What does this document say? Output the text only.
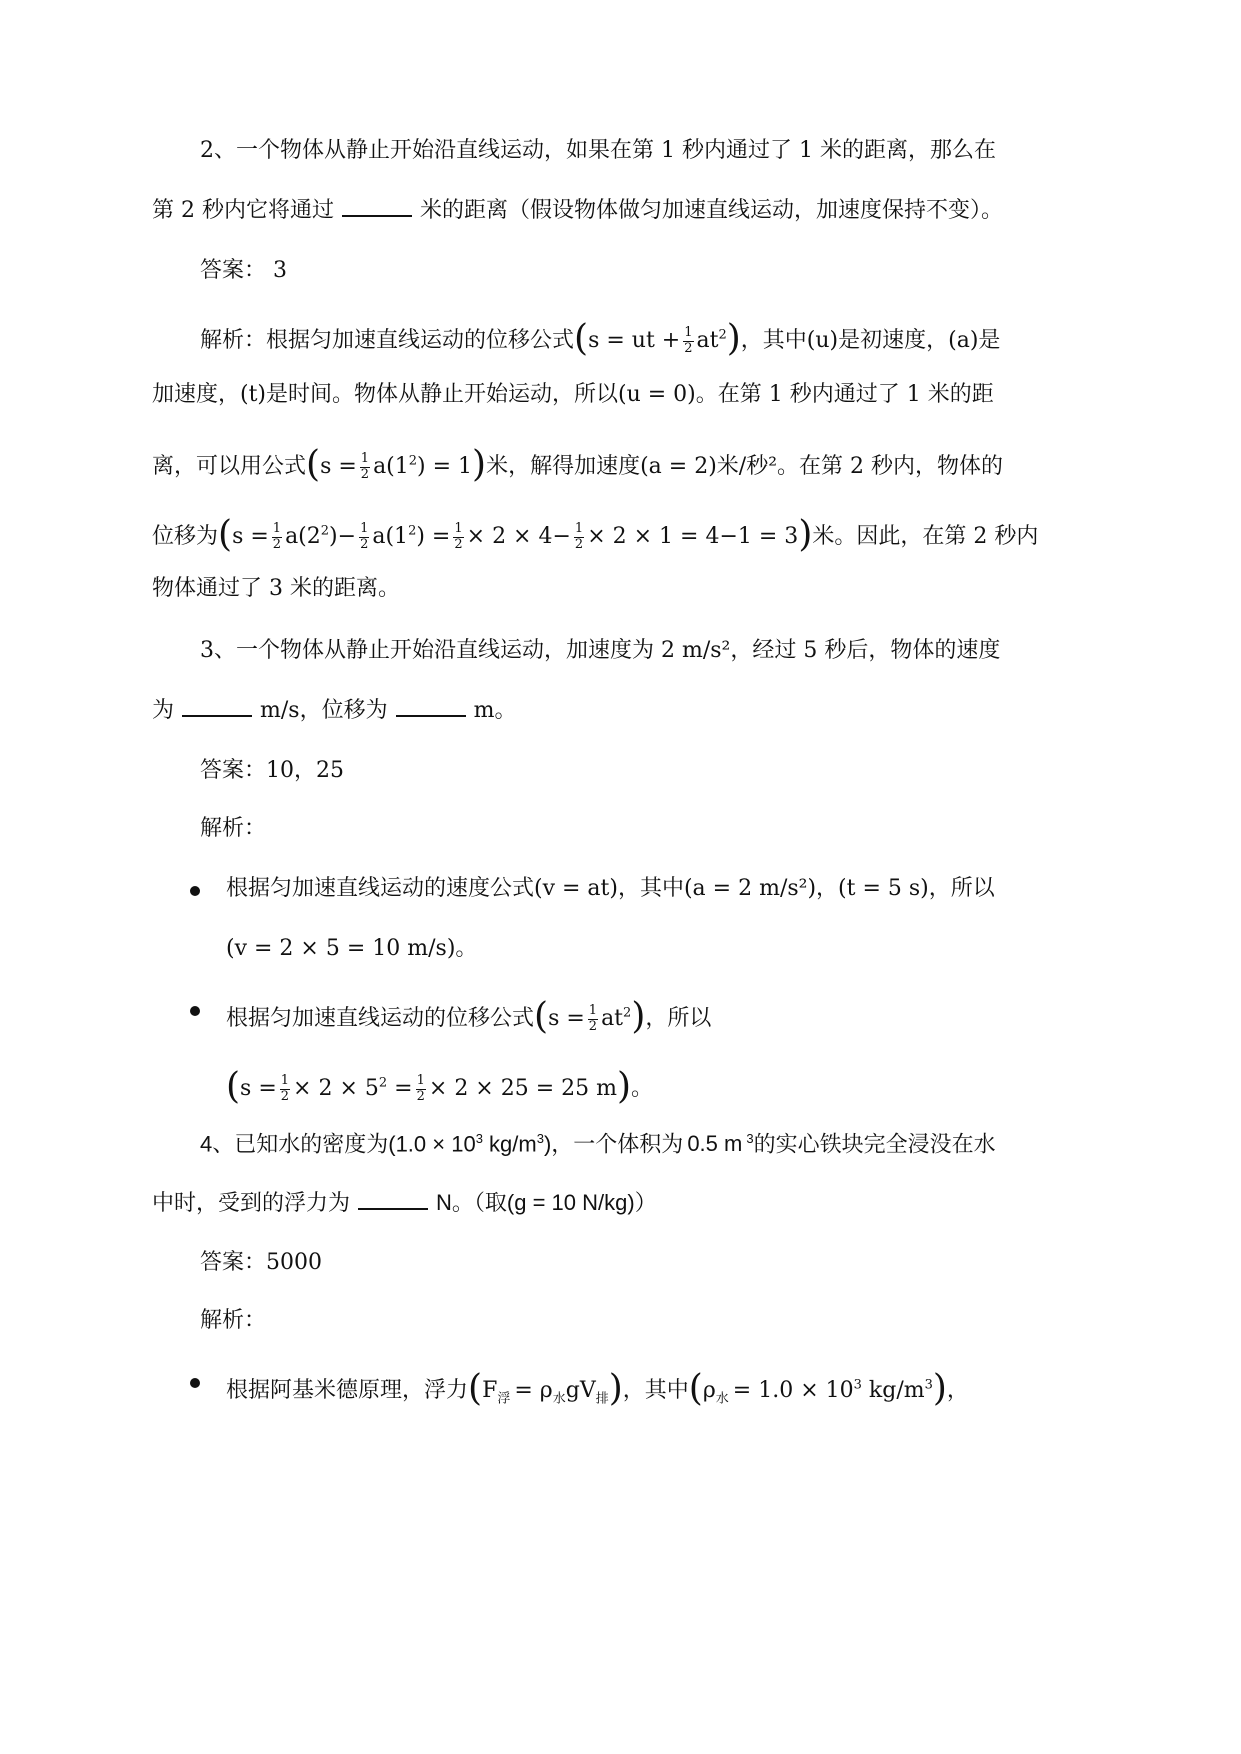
2、一个物体从静止开始沿直线运动，如果在第 1 秒内通过了 1 米的距离，那么在
第 2 秒内它将通过	米的距离（假设物体做匀加速直线运动，加速度保持不变）。
答案： 3
解析：根据匀加速直线运动的位移公式(s = ut + $\frac{1}{2} at^2$)，其中(u)是初速度，(a)是
加速度，(t)是时间。物体从静止开始运动，所以(u = 0)。在第 1 秒内通过了 1 米的距
离，可以用公式$(s = \frac{1}{2} a(1^2) = 1)$米，解得加速度(a = 2)米/秒²。在第 2 秒内，物体的
位移为$(s = \frac{1}{2} a(2^2)- \frac{1}{2} a(1^2) = \frac{1}{2} \times 2 \times 4- \frac{1}{2} \times 2 \times 1 = 4-1 = 3)$米。因此，在第 2 秒内
物体通过了 3 米的距离。
3、一个物体从静止开始沿直线运动，加速度为 2 m/s²，经过 5 秒后，物体的速度
为	m/s，位移为	m。
答案：10，25
解析：
根据匀加速直线运动的速度公式(v = at)，其中(a = 2 m/s²)，(t = 5 s)，所以
(v = 2 × 5 = 10 m/s)。
根据匀加速直线运动的位移公式$(s = \frac{1}{2} at^2)$，所以
($s = \frac{1}{2} \times 2 \times 5^2 = \frac{1}{2} \times 2 \times 25 = 25$ m)。
4、已知水的密度为($1.0 \times 10^3$ $kg/m^3$)，一个体积为 0.5 m $^3$的实心铁块完全浸没在水
中时，受到的浮力为	N。（取(g = 10 N/kg)）
答案：5000
解析：
根据阿基米德原理，浮力$(F_浮 = \rho_水gV_排)$，其中($\rho_水 = 1.0 \times 10^3$ $kg/m^3$)，
